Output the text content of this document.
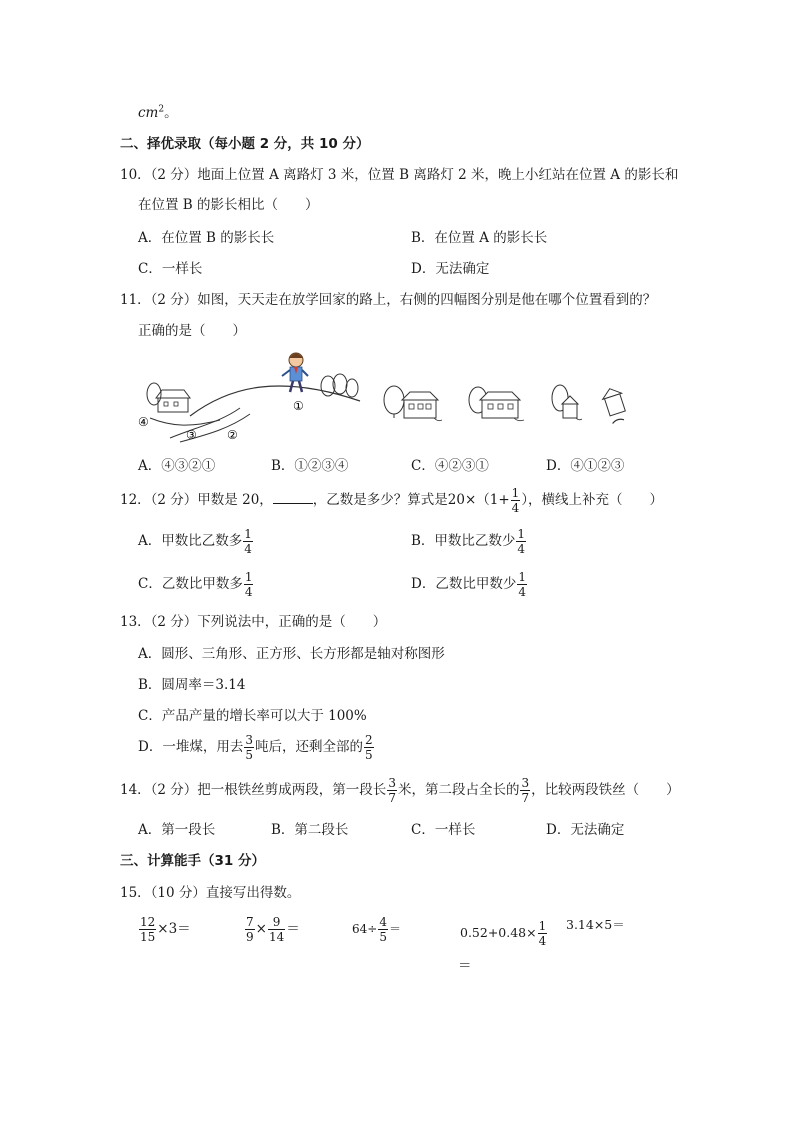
$cm^2$。
二、择优录取（每小题 2 分，共 10 分）
10．（2 分）地面上位置 A 离路灯 3 米，位置 B 离路灯 2 米，晚上小红站在位置 A 的影长和
在位置 B 的影长相比（　　）
A．在位置 B 的影长长	B．在位置 A 的影长长
C．一样长	D．无法确定
11．（2 分）如图，天天走在放学回家的路上，右侧的四幅图分别是他在哪个位置看到的？
正确的是（　　）
①
②
③
④
A．④③②①	B．①②③④	C．④②③①	D．④①②③
12．（2 分）甲数是 20，	，乙数是多少？算式是$20\times(1+ \frac{1}{4}$ ），横线上补充（　　）
A．甲数比乙数多 $\frac{1}{4}$	B．甲数比乙数少 $\frac{1}{4}$
C．乙数比甲数多 $\frac{1}{4}$	D．乙数比甲数少 $\frac{1}{4}$
13．（2 分）下列说法中，正确的是（　　）
A．圆形、三角形、正方形、长方形都是轴对称图形
B．圆周率＝3.14
C．产品产量的增长率可以大于 100%
D．一堆煤，用去 $\frac{3}{5}$ 吨后，还剩全部的 $\frac{2}{5}$
14．（2 分）把一根铁丝剪成两段，第一段长 $\frac{3}{7}$ 米，第二段占全长的 $\frac{3}{7}$ ，比较两段铁丝（　　）
A．第一段长	B．第二段长	C．一样长	D．无法确定
三、计算能手（31 分）
15．（10 分）直接写出得数。
$\frac{12}{15} \times 3=$	$\frac{7}{9} \times \frac{9}{14}$ ＝	$64\div \frac{4}{5}$ ＝	$0.52+0.48\times \frac{1}{4} 3.14\times 5=$
＝
